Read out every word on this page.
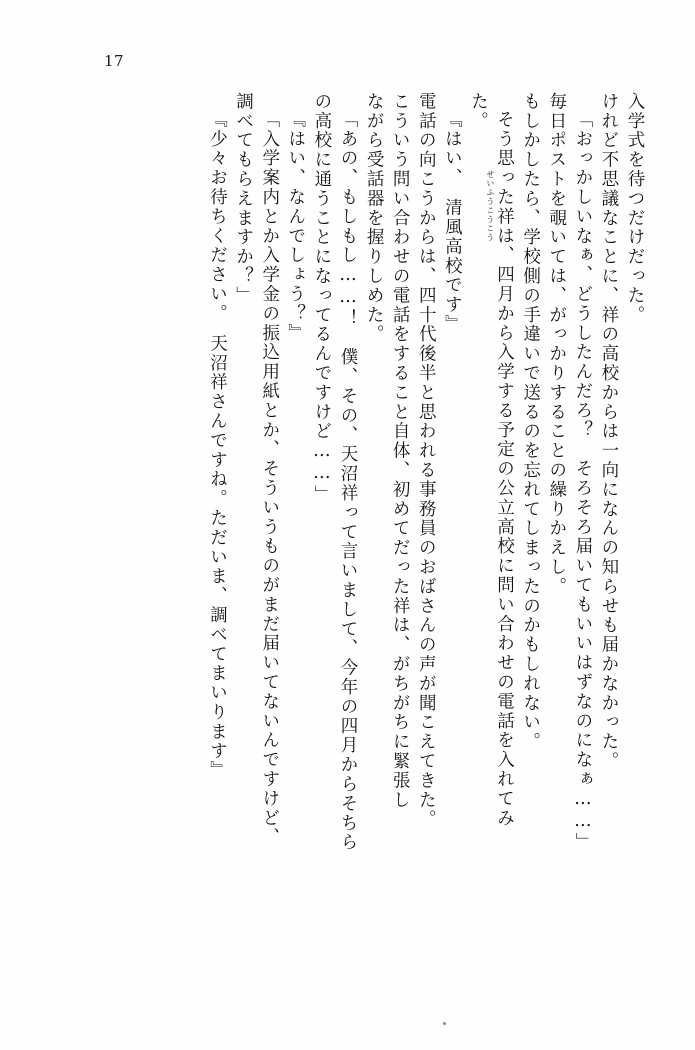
17
入学式を待つだけだった。
けれど不思議なことに、祥の高校からは一向になんの知らせも届かなかった。
「おっかしいなぁ、どうしたんだろ？　そろそろ届いてもいいはずなのになぁ……」
毎日ポストを覗いては、がっかりすることの繰りかえし。
もしかしたら、学校側の手違いで送るのを忘れてしまったのかもしれない。
そう思った祥は、四月から入学する予定の公立高校に問い合わせの電話を入れてみ
た。
『はい、　清風高校です』
電話の向こうからは、四十代後半と思われる事務員のおばさんの声が聞こえてきた。
こういう問い合わせの電話をすること自体、初めてだった祥は、がちがちに緊張し
ながら受話器を握りしめた。
「あの、もしもし……！　僕、その、天沼祥って言いまして、今年の四月からそちら
の高校に通うことになってるんですけど……」
『はい、なんでしょう？』
「入学案内とか入学金の振込用紙とか、そういうものがまだ届いてないんですけど、
調べてもらえますか？」
『少々お待ちください。　天沼祥さんですね。ただいま、調べてまいります』	せいふうこうこう
